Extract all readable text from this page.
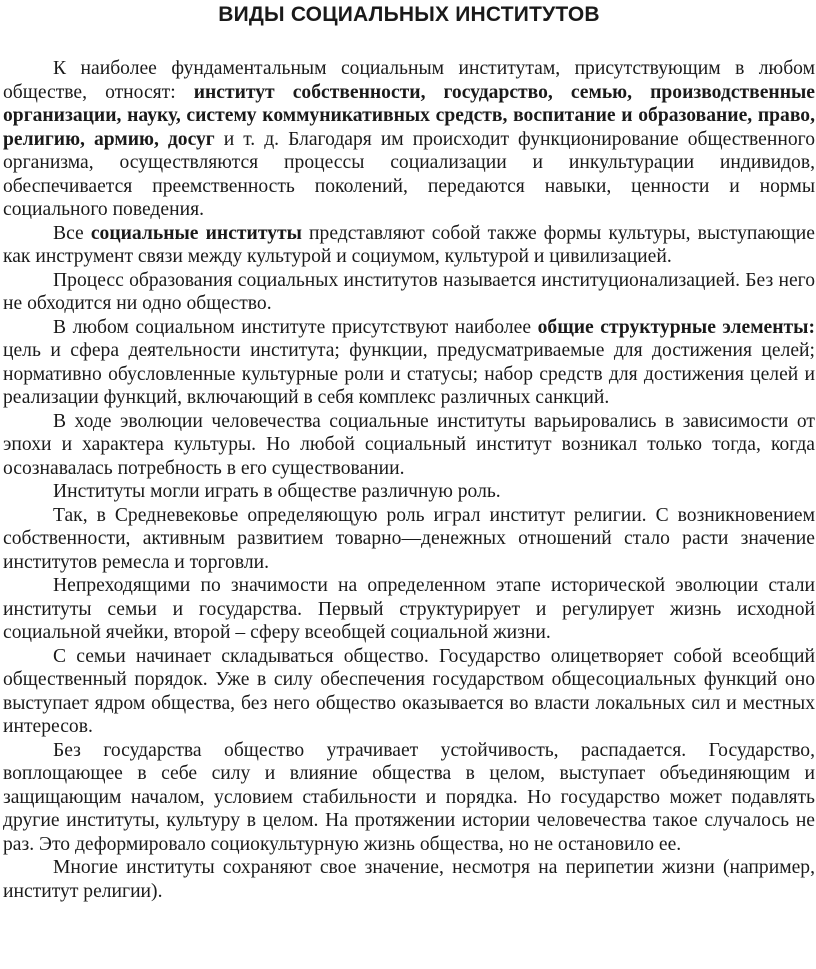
ВИДЫ СОЦИАЛЬНЫХ ИНСТИТУТОВ

К наиболее фундаментальным социальным институтам, присутствующим в любом обществе, относят: институт собственности, государство, семью, производственные организации, науку, систему коммуникативных средств, воспитание и образование, право, религию, армию, досуг и т. д. Благодаря им происходит функционирование общественного организма, осуществляются процессы социализации и инкультурации индивидов, обеспечивается преемственность поколений, передаются навыки, ценности и нормы социального поведения.

Все социальные институты представляют собой также формы культуры, выступающие как инструмент связи между культурой и социумом, культурой и цивилизацией.

Процесс образования социальных институтов называется институционализацией. Без него не обходится ни одно общество.

В любом социальном институте присутствуют наиболее общие структурные элементы: цель и сфера деятельности института; функции, предусматриваемые для достижения целей; нормативно обусловленные культурные роли и статусы; набор средств для достижения целей и реализации функций, включающий в себя комплекс различных санкций.

В ходе эволюции человечества социальные институты варьировались в зависимости от эпохи и характера культуры. Но любой социальный институт возникал только тогда, когда осознавалась потребность в его существовании.

Институты могли играть в обществе различную роль.

Так, в Средневековье определяющую роль играл институт религии. С возникновением собственности, активным развитием товарно—денежных отношений стало расти значение институтов ремесла и торговли.

Непреходящими по значимости на определенном этапе исторической эволюции стали институты семьи и государства. Первый структурирует и регулирует жизнь исходной социальной ячейки, второй – сферу всеобщей социальной жизни.

С семьи начинает складываться общество. Государство олицетворяет собой всеобщий общественный порядок. Уже в силу обеспечения государством общесоциальных функций оно выступает ядром общества, без него общество оказывается во власти локальных сил и местных интересов.

Без государства общество утрачивает устойчивость, распадается. Государство, воплощающее в себе силу и влияние общества в целом, выступает объединяющим и защищающим началом, условием стабильности и порядка. Но государство может подавлять другие институты, культуру в целом. На протяжении истории человечества такое случалось не раз. Это деформировало социокультурную жизнь общества, но не остановило ее.

Многие институты сохраняют свое значение, несмотря на перипетии жизни (например, институт религии).
